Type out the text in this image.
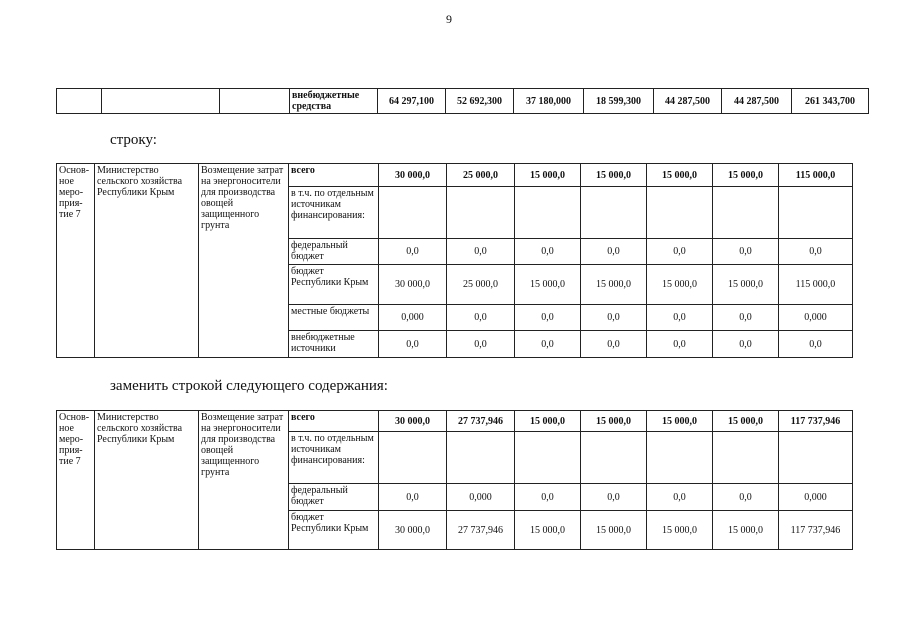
9
			внебюджетные средства	64 297,100	52 692,300	37 180,000	18 599,300	44 287,500	44 287,500	261 343,700
строку:
Основ-ное меро-прия-тие 7	Министерство сельского хозяйства Республики Крым	Возмещение затрат на энергоносители для производства овощей защищенного грунта	всего	30 000,0	25 000,0	15 000,0	15 000,0	15 000,0	15 000,0	115 000,0
			в т.ч. по отдельным источникам финансирования:							
			федеральный бюджет	0,0	0,0	0,0	0,0	0,0	0,0	0,0
			бюджет Республики Крым	30 000,0	25 000,0	15 000,0	15 000,0	15 000,0	15 000,0	115 000,0
			местные бюджеты	0,000	0,0	0,0	0,0	0,0	0,0	0,000
			внебюджетные источники	0,0	0,0	0,0	0,0	0,0	0,0	0,0
заменить строкой следующего содержания:
Основ-ное меро-прия-тие 7	Министерство сельского хозяйства Республики Крым	Возмещение затрат на энергоносители для производства овощей защищенного грунта	всего	30 000,0	27 737,946	15 000,0	15 000,0	15 000,0	15 000,0	117 737,946
			в т.ч. по отдельным источникам финансирования:							
			федеральный бюджет	0,0	0,000	0,0	0,0	0,0	0,0	0,000
			бюджет Республики Крым	30 000,0	27 737,946	15 000,0	15 000,0	15 000,0	15 000,0	117 737,946
